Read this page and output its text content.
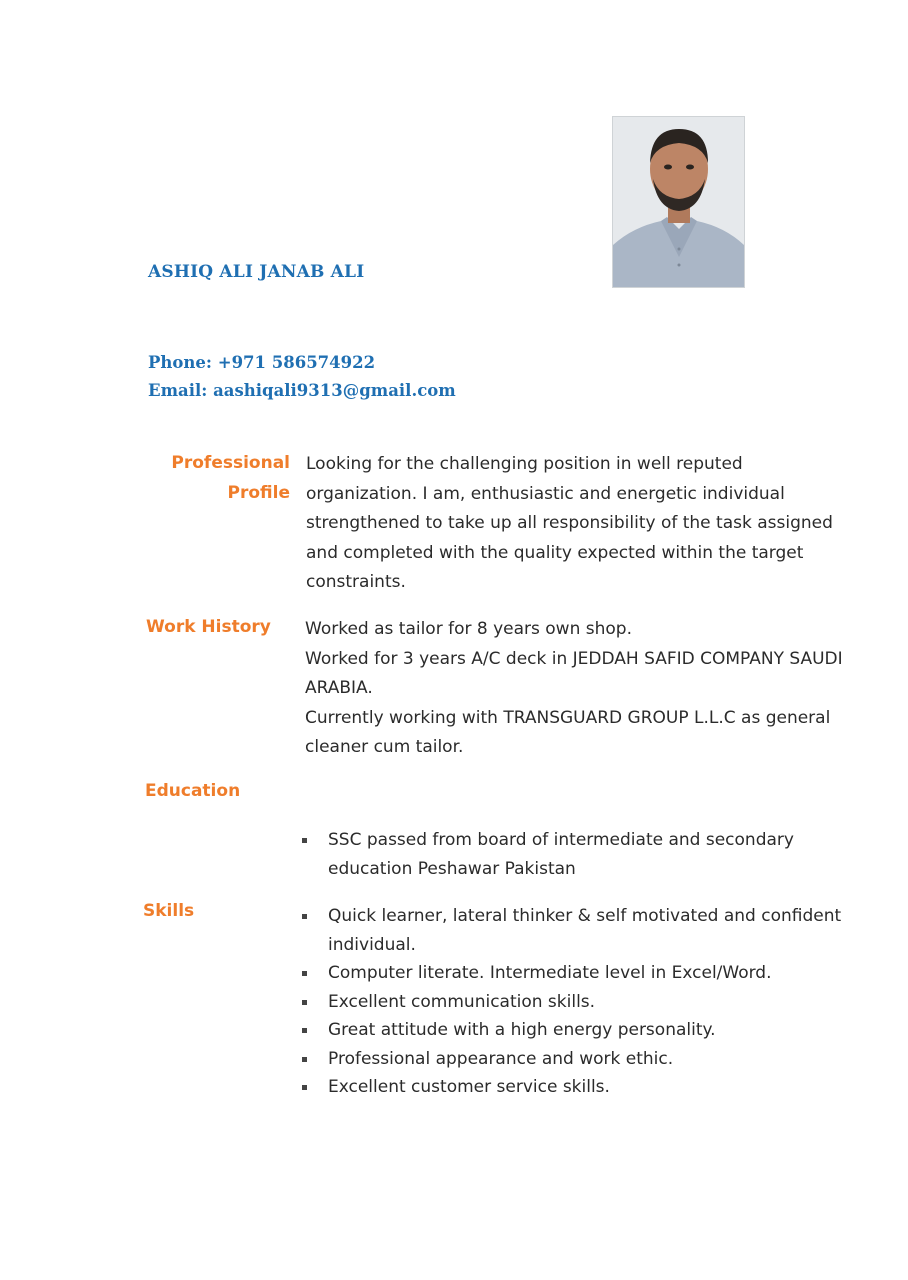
ASHIQ ALI JANAB ALI
Phone: +971 586574922
Email: aashiqali9313@gmail.com
Professional
Profile
Looking for the challenging position in well reputed organization. I am, enthusiastic and energetic individual strengthened to take up all responsibility of the task assigned and completed with the quality expected within the target constraints.
Work History Worked as tailor for 8 years own shop.

Worked for 3 years A/C deck in JEDDAH SAFID COMPANY SAUDI ARABIA.

Currently working with TRANSGUARD GROUP L.L.C as general cleaner cum tailor.

Education
SSC passed from board of intermediate and secondary education Peshawar Pakistan
Skills	Quick learner, lateral thinker & self motivated and confident individual.
Computer literate. Intermediate level in Excel/Word.
Excellent communication skills.
Great attitude with a high energy personality.
Professional appearance and work ethic.
Excellent customer service skills.
